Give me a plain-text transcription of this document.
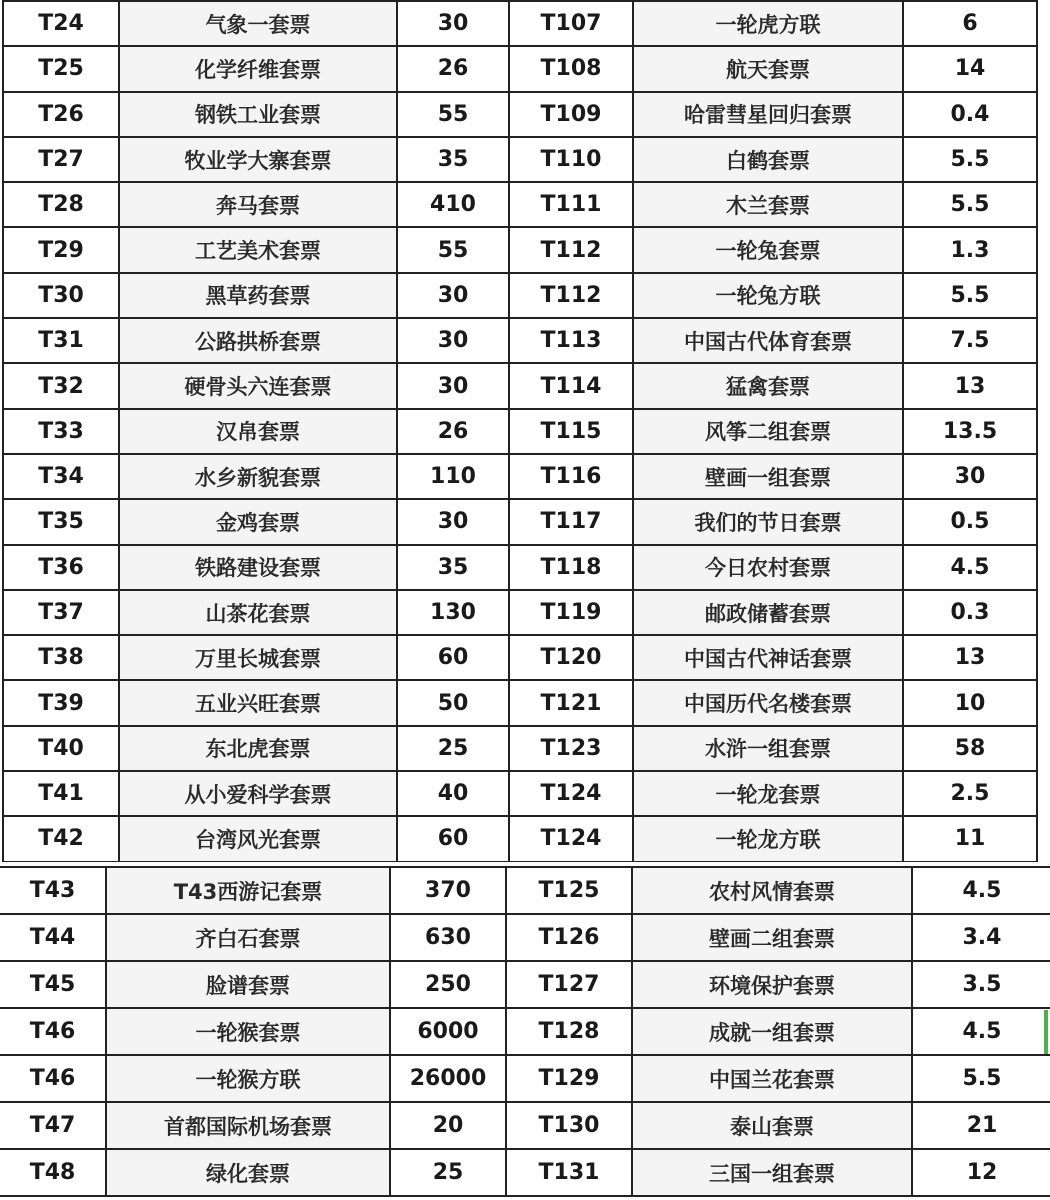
T24	气象一套票	30	T107	一轮虎方联	6
T25	化学纤维套票	26	T108	航天套票	14
T26	钢铁工业套票	55	T109	哈雷彗星回归套票	0.4
T27	牧业学大寨套票	35	T110	白鹤套票	5.5
T28	奔马套票	410	T111	木兰套票	5.5
T29	工艺美术套票	55	T112	一轮兔套票	1.3
T30	黑草药套票	30	T112	一轮兔方联	5.5
T31	公路拱桥套票	30	T113	中国古代体育套票	7.5
T32	硬骨头六连套票	30	T114	猛禽套票	13
T33	汉帛套票	26	T115	风筝二组套票	13.5
T34	水乡新貌套票	110	T116	壁画一组套票	30
T35	金鸡套票	30	T117	我们的节日套票	0.5
T36	铁路建设套票	35	T118	今日农村套票	4.5
T37	山茶花套票	130	T119	邮政储蓄套票	0.3
T38	万里长城套票	60	T120	中国古代神话套票	13
T39	五业兴旺套票	50	T121	中国历代名楼套票	10
T40	东北虎套票	25	T123	水浒一组套票	58
T41	从小爱科学套票	40	T124	一轮龙套票	2.5
T42	台湾风光套票	60	T124	一轮龙方联	11
T43	T43西游记套票	370	T125	农村风情套票	4.5
T44	齐白石套票	630	T126	壁画二组套票	3.4
T45	脸谱套票	250	T127	环境保护套票	3.5
T46	一轮猴套票	6000	T128	成就一组套票	4.5
T46	一轮猴方联	26000	T129	中国兰花套票	5.5
T47	首都国际机场套票	20	T130	泰山套票	21
T48	绿化套票	25	T131	三国一组套票	12
